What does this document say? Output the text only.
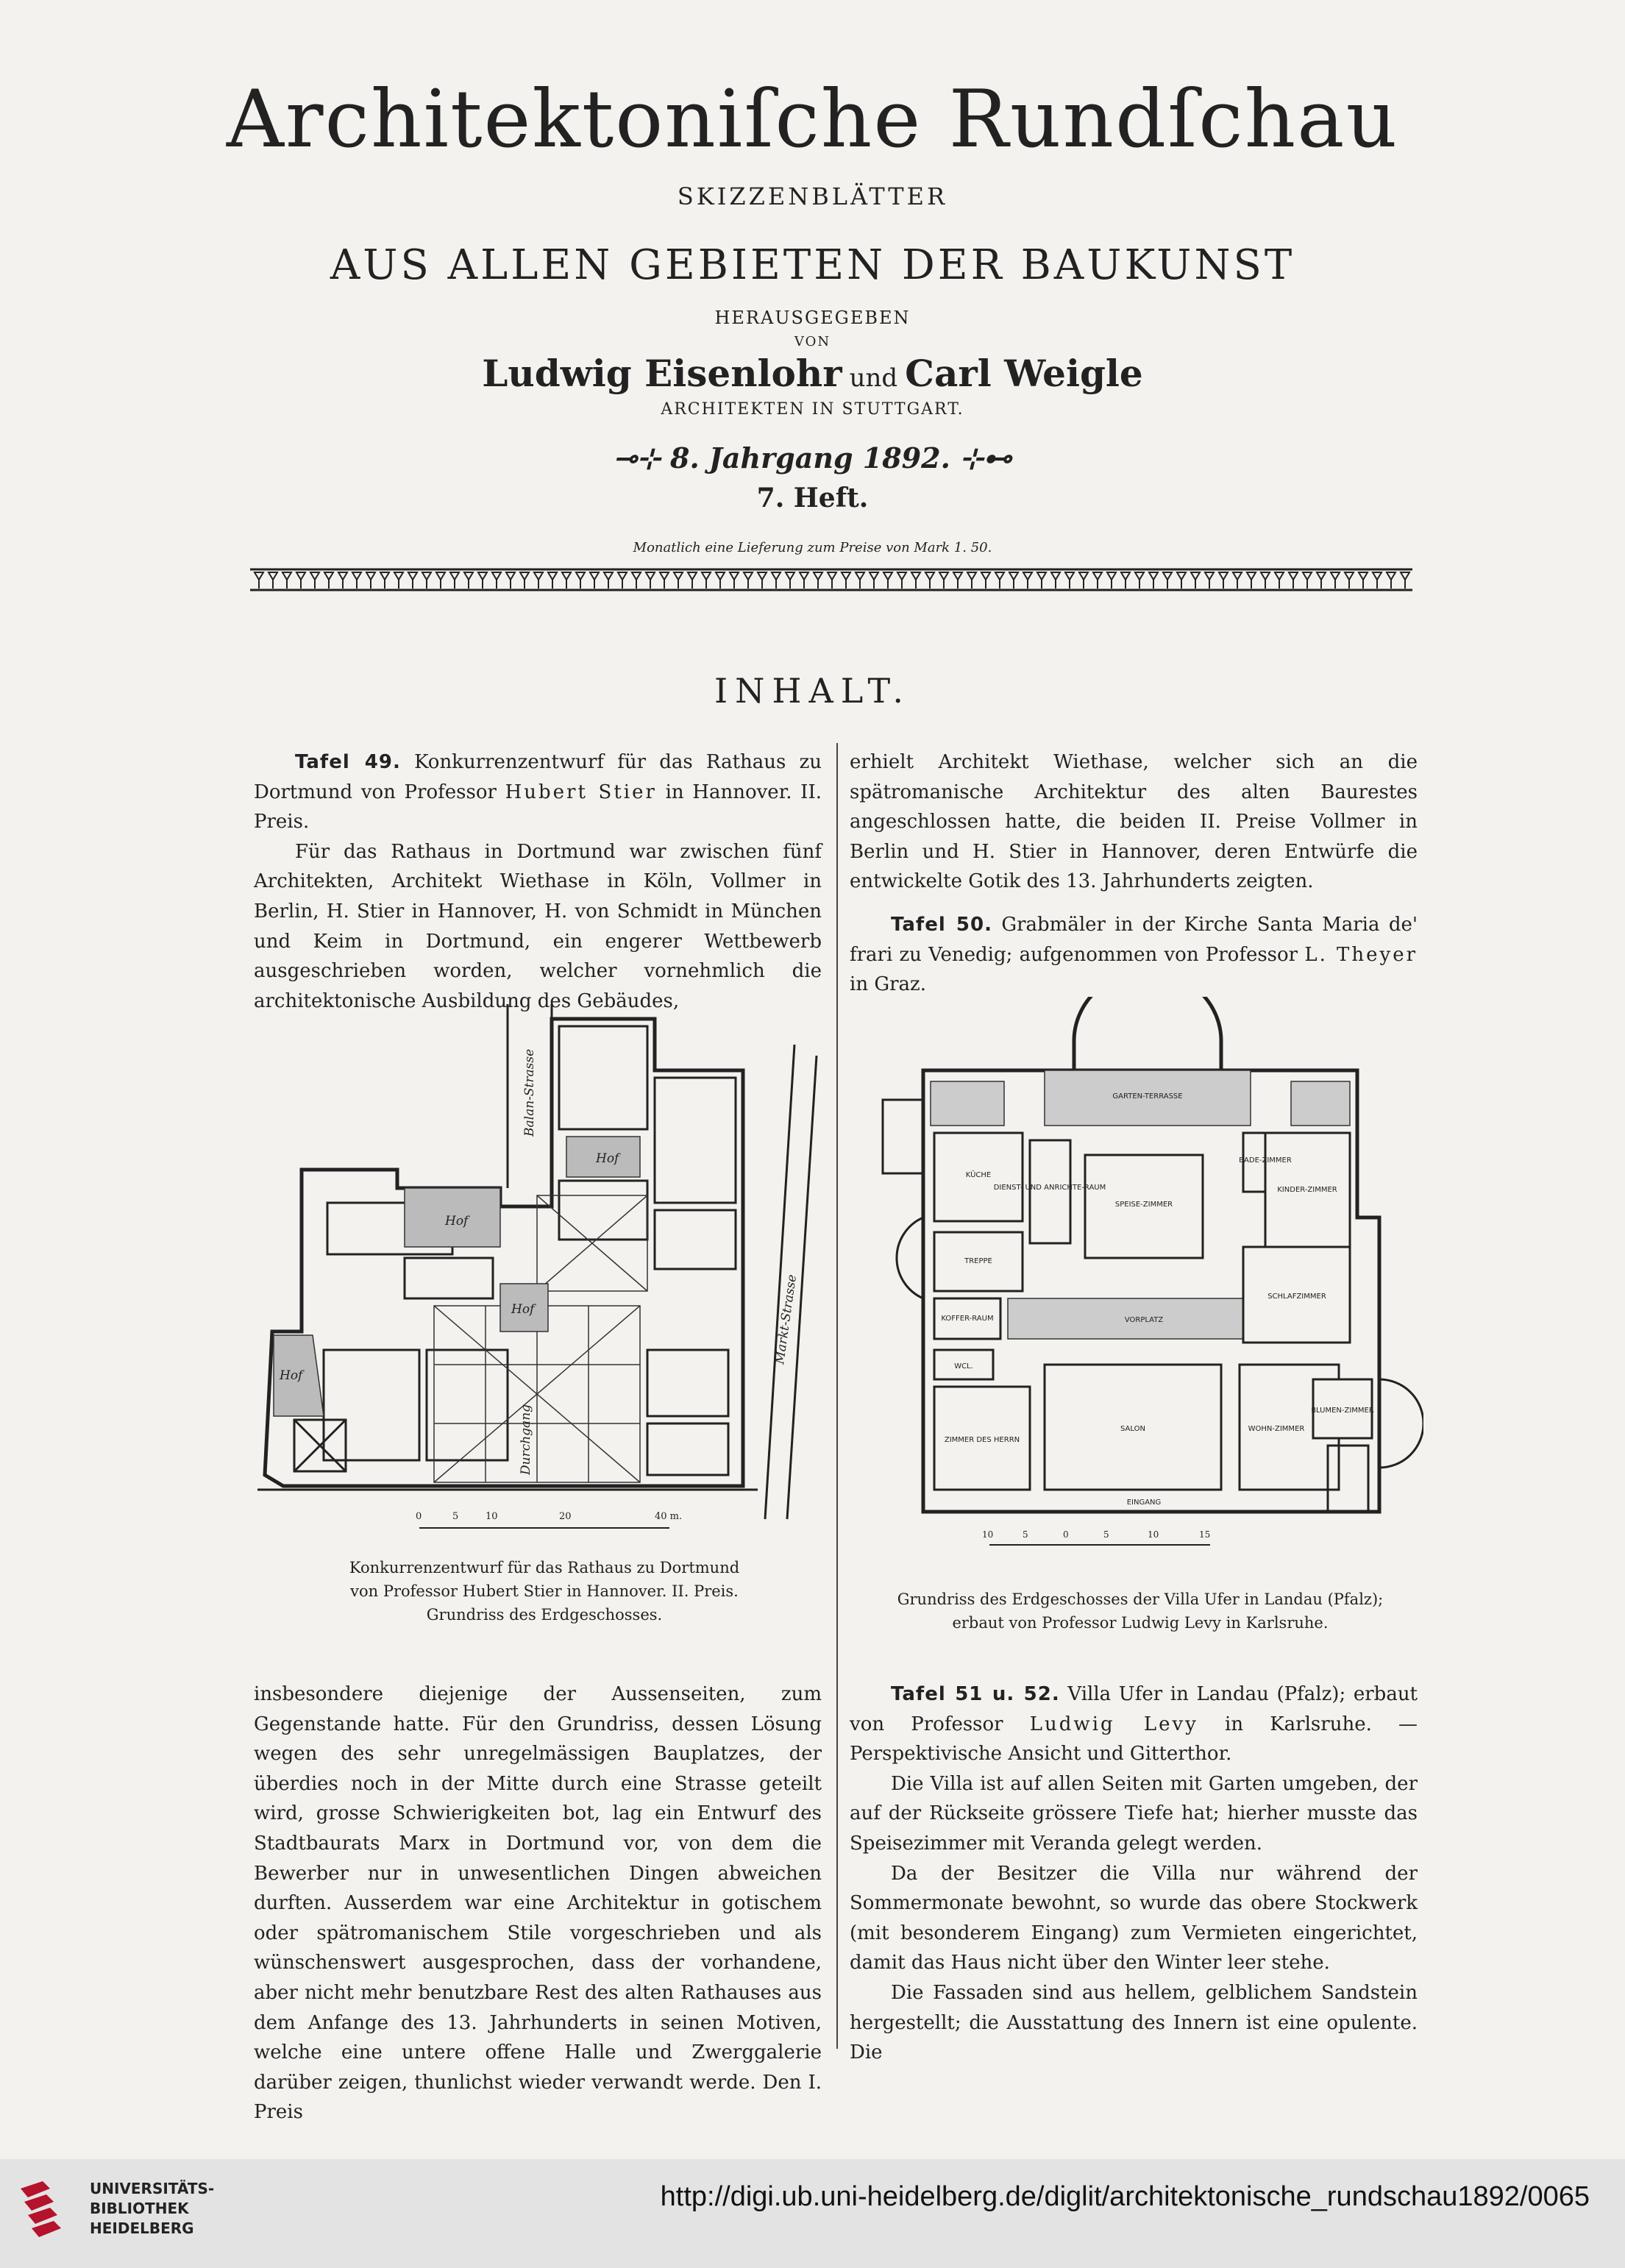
Architektoniſche Rundſchau
SKIZZENBLÄTTER
AUS ALLEN GEBIETEN DER BAUKUNST
HERAUSGEGEBEN
VON
Ludwig Eisenlohr und Carl Weigle
ARCHITEKTEN IN STUTTGART.
⊸⊹ 8. Jahrgang 1892. ⊹⊷
7. Heft.
Monatlich eine Lieferung zum Preise von Mark 1. 50.
INHALT.

Tafel 49. Konkurrenzentwurf für das Rathaus zu Dortmund von Professor Hubert Stier in Hannover. II. Preis.

Für das Rathaus in Dortmund war zwischen fünf Architekten, Architekt Wiethase in Köln, Vollmer in Berlin, H. Stier in Hannover, H. von Schmidt in München und Keim in Dortmund, ein engerer Wettbewerb ausgeschrieben worden, welcher vornehmlich die architektonische Ausbildung des Gebäudes,

erhielt Architekt Wiethase, welcher sich an die spätromanische Architektur des alten Baurestes angeschlossen hatte, die beiden II. Preise Vollmer in Berlin und H. Stier in Hannover, deren Entwürfe die entwickelte Gotik des 13. Jahrhunderts zeigten.

Tafel 50. Grabmäler in der Kirche Santa Maria de' frari zu Venedig; aufgenommen von Professor L. Theyer in Graz.

Balan-Strasse
Hof
Hof
Hof
Hof
Durchgang
Markt-Strasse
0	5	10	20	40 m.
Konkurrenzentwurf für das Rathaus zu Dortmund
von Professor Hubert Stier in Hannover. II. Preis.
Grundriss des Erdgeschosses.
GARTEN-TERRASSE
KÜCHE
BADE-ZIMMER
DIENST- UND ANRICHTE-RAUM
SPEISE-ZIMMER
KINDER-ZIMMER
TREPPE
KOFFER-RAUM	VORPLATZ
SCHLAFZIMMER
WCL.
ZIMMER DES HERRN
SALON	WOHN-ZIMMER
BLUMEN-ZIMMER
EINGANG
10	5	0	5	10	15
Grundriss des Erdgeschosses der Villa Ufer in Landau (Pfalz);
erbaut von Professor Ludwig Levy in Karlsruhe.

insbesondere diejenige der Aussenseiten, zum Gegenstande hatte. Für den Grundriss, dessen Lösung wegen des sehr unregelmässigen Bauplatzes, der überdies noch in der Mitte durch eine Strasse geteilt wird, grosse Schwierigkeiten bot, lag ein Entwurf des Stadtbaurats Marx in Dortmund vor, von dem die Bewerber nur in unwesentlichen Dingen abweichen durften. Ausserdem war eine Architektur in gotischem oder spätromanischem Stile vorgeschrieben und als wünschenswert ausgesprochen, dass der vorhandene, aber nicht mehr benutzbare Rest des alten Rathauses aus dem Anfange des 13. Jahrhunderts in seinen Motiven, welche eine untere offene Halle und Zwerggalerie darüber zeigen, thunlichst wieder verwandt werde. Den I. Preis

Tafel 51 u. 52. Villa Ufer in Landau (Pfalz); erbaut von Professor Ludwig Levy in Karlsruhe. — Perspektivische Ansicht und Gitterthor.

Die Villa ist auf allen Seiten mit Garten umgeben, der auf der Rückseite grössere Tiefe hat; hierher musste das Speisezimmer mit Veranda gelegt werden.

Da der Besitzer die Villa nur während der Sommermonate bewohnt, so wurde das obere Stockwerk (mit besonderem Eingang) zum Vermieten eingerichtet, damit das Haus nicht über den Winter leer stehe.

Die Fassaden sind aus hellem, gelblichem Sandstein hergestellt; die Ausstattung des Innern ist eine opulente. Die

UNIVERSITÄTS-
BIBLIOTHEK
HEIDELBERG
http://digi.ub.uni-heidelberg.de/diglit/architektonische_rundschau1892/0065
